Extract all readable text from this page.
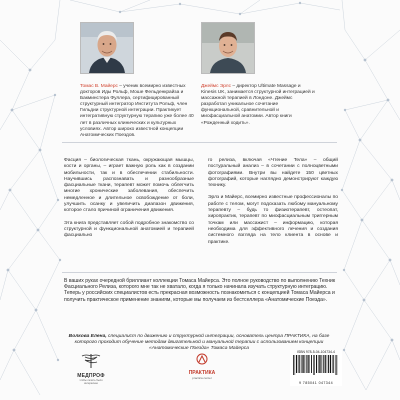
Томас В. Майерс – ученик всемирно известных докторов Иды Рольф, Моше Фельденкрайза и Бакминстера Фуллера, сертифицированный структурный интегратор Института Рольф, член Гильдии структурной интеграции. Практикует интегративную структурную терапию уже более 40 лет в различных клинических и культурных условиях. Автор широко известной концепции Анатомических Поездов.

Джеймс Эрлс – директор Ultimate Massage и Kinesis UK, занимается структурной интеграцией и массажной терапией в Лондоне. Джеймс разработал уникальное сочетание функциональной, сравнительной и миофасциальной анатомии. Автор книги «Рожденный ходить».

Фасция – биологическая ткань, окружающая мышцы, кости и органы, – играет важную роль как в создании мобильности, так и в обеспечении стабильности. Научившись распознавать и разнообразные фасциальные ткани, терапевт может помочь облегчить многие хронические заболевания, обеспечить немедленное и длительное освобождение от боли, улучшить осанку и увеличить диапазон движения, которое стало причиной ограничения движения.

Эта книга представляет собой подробное знакомство со структурной и функциональной анатомией и терапией фасциально

го релиза, включая «Чтение Тела» – общий постуральный анализ – в сочетании с полноцветными фотографиями. Внутри вы найдете 150 цветных фотографий, которые наглядно демонстрируют каждую технику.

Эрлз и Майерс, всемирно известные профессионалы по работе с телом, могут подсказать любому мануальному терапевту – будь то физиотерапевт, остеопат, хиропрактик, терапевт по миофасциальным триггерным точкам или массажист – информацию, которая необходима для эффективного лечения и создания системного взгляда на тело клиента в основе и практике.

В ваших руках очередной бриллиант коллекции Томаса Майерса. Это полное руководство по выполнению Техник Фасциального Релиза, которого мне так не хватало, когда я только начинала изучать структурную интеграцию. Теперь у российских специалистов есть прекрасная возможность познакомиться с концепцией Томаса Майерса и получить практическое применение знаниям, которые мы получаем из бестселлера «Анатомические Поезда».

Волкова Елена, специалист по движению и структурной интеграции, основатель центра ПРАКТИКА, на базе которого проходит обучение методам двигательной и мануальной терапии с использованием концепции «Анатомические Поезда» Томаса Майерса

МЕДПРОФ
чтобы лечить было интереснее
ПРАКТИКА
practica center
ISBN 978-5-04-104734-4
9 785041 047344
